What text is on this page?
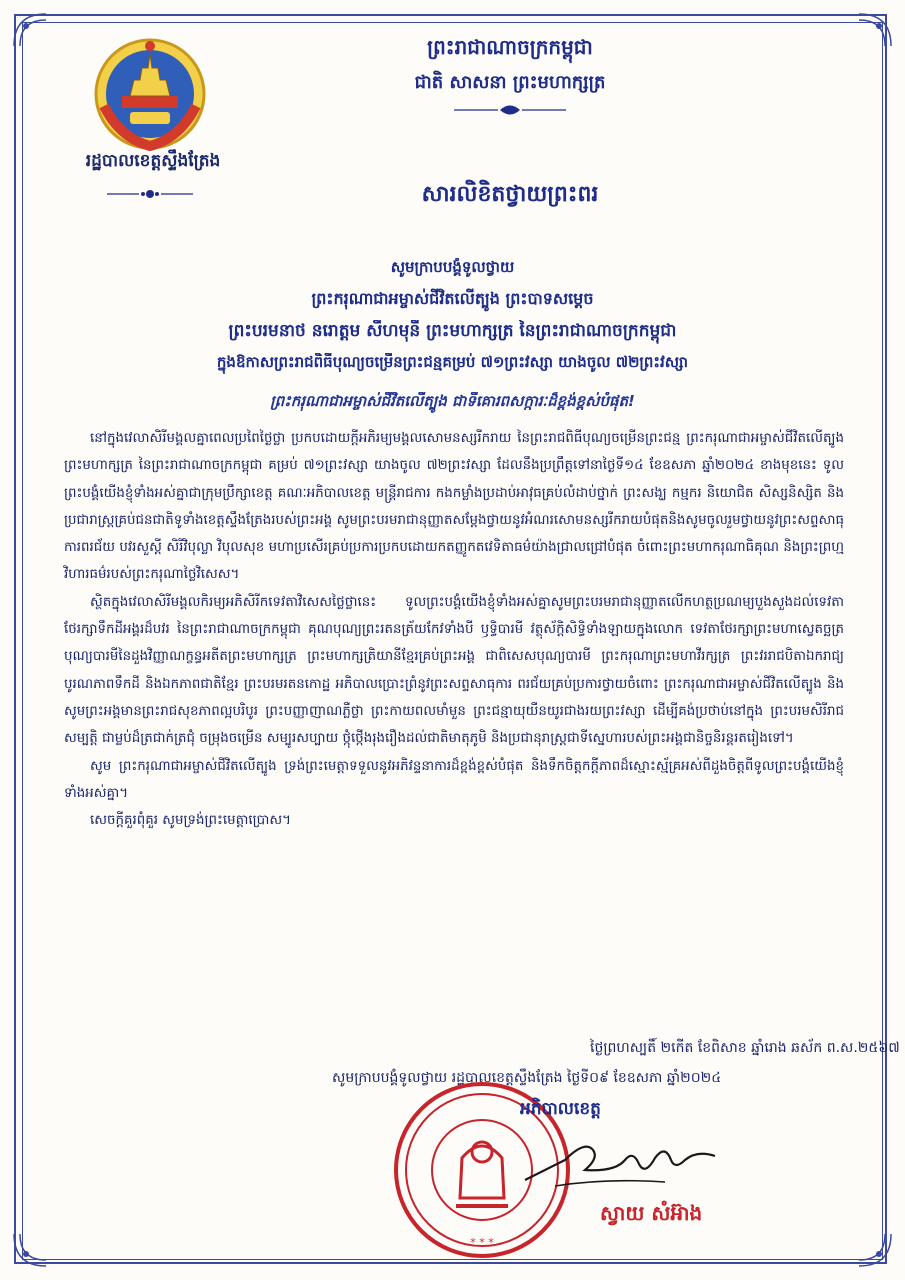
រដ្ឋបាលខេត្តស្ទឹងត្រែង
ព្រះរាជាណាចក្រកម្ពុជា
ជាតិ សាសនា ព្រះមហាក្សត្រ
សារលិខិតថ្វាយព្រះពរ
សូមក្រាបបង្គំទូលថ្វាយ
ព្រះករុណាជាអម្ចាស់ជីវិតលើត្បូង ព្រះបាទសម្តេច
ព្រះបរមនាថ នរោត្តម សីហមុនី ព្រះមហាក្សត្រ នៃព្រះរាជាណាចក្រកម្ពុជា
ក្នុងឱកាសព្រះរាជពិធីបុណ្យចម្រើនព្រះជន្មគម្រប់ ៧១ព្រះវស្សា យាងចូល ៧២ព្រះវស្សា
ព្រះករុណាជាអម្ចាស់ជីវិតលើត្បូង ជាទីគោរពសក្ការៈដ៏ខ្ពង់ខ្ពស់បំផុត!

នៅក្នុងវេលាសិរីមង្គលគ្នាពេលប្រពៃថ្ងៃថ្លា ប្រកបដោយក្តីអភិរម្យមង្គលសោមនស្សរីករាយ នៃព្រះរាជពិធីបុណ្យចម្រើនព្រះជន្ម ព្រះករុណាជាអម្ចាស់ជីវិតលើត្បូង ព្រះមហាក្សត្រ នៃព្រះរាជាណាចក្រកម្ពុជា គម្រប់ ៧១ព្រះវស្សា យាងចូល ៧២ព្រះវស្សា ដែលនឹងប្រព្រឹត្តទៅនាថ្ងៃទី១៤ ខែឧសភា ឆ្នាំ២០២៤ ខាងមុខនេះ ទូលព្រះបង្គំយើងខ្ញុំទាំងអស់គ្នាជាក្រុមប្រឹក្សាខេត្ត គណៈអភិបាលខេត្ត មន្ត្រីរាជការ កងកម្លាំងប្រដាប់អាវុធគ្រប់លំដាប់ថ្នាក់ ព្រះសង្ឃ កម្មករ និយោជិត សិស្សនិស្សិត និងប្រជារាស្ត្រគ្រប់ជនជាតិទូទាំងខេត្តស្ទឹងត្រែងរបស់ព្រះអង្គ សូមព្រះបរមរាជានុញ្ញាតសម្តែងថ្វាយនូវអំណរសោមនស្សរីករាយបំផុតនិងសូមចូលរួមថ្វាយនូវព្រះសព្ទសាធុការពរជ័យ បវរសួស្តី សិរីវិបុល្លា វិបុលសុខ មហាប្រសើរគ្រប់ប្រការប្រកបដោយកតញ្ញូកតវេទិតាធម៌យ៉ាងជ្រាលជ្រៅបំផុត ចំពោះព្រះមហាករុណាធិគុណ និងព្រះព្រហ្មវិហារធម៌របស់ព្រះករុណាថ្លៃវិសេស។

ស្ថិតក្នុងវេលាសិរីមង្គលកិរម្យអភិសិរីកទេវតាវិសេសថ្លៃថ្លានេះ ទូលព្រះបង្គំយើងខ្ញុំទាំងអស់គ្នាសូមព្រះបរមរាជានុញ្ញាតលើកហត្ថប្រណម្យបួងសួងដល់ទេវតាថែរក្សាទឹកដីអង្គរដ៏បវរ នៃព្រះរាជាណាចក្រកម្ពុជា គុណបុណ្យព្រះរតនត្រ័យកែវទាំងបី ឫទ្ធិបារមី វត្ថុស័ក្តិសិទ្ធិទាំងឡាយក្នុងលោក ទេវតាថែរក្សាព្រះមហាស្វេតច្ឆត្រ បុណ្យបារមីនៃដួងវិញ្ញាណក្ខន្ធអតីតព្រះមហាក្សត្រ ព្រះមហាក្សត្រិយានីខ្មែរគ្រប់ព្រះអង្គ ជាពិសេសបុណ្យបារមី ព្រះករុណាព្រះមហាវីរក្សត្រ ព្រះវររាជបិតាឯករាជ្យ បូរណភាពទឹកដី និងឯកភាពជាតិខ្មែរ ព្រះបរមរតនកោដ្ឋ អភិបាលប្រោះព្រំនូវព្រះសព្ទសាធុការ ពរជ័យគ្រប់ប្រការថ្វាយចំពោះ ព្រះករុណាជាអម្ចាស់ជីវិតលើត្បូង និងសូមព្រះអង្គមានព្រះរាជសុខភាពល្អបរិបូរ ព្រះបញ្ញាញាណភ្លឺថ្លា ព្រះកាយពលមាំមួន ព្រះជន្មាយុយឺនយូរជាងរយព្រះវស្សា ដើម្បីគង់ប្រថាប់នៅក្នុង ព្រះបរមសិរីរាជសម្បត្តិ ជាម្លប់ដ៏ត្រជាក់ត្រជុំ ចម្រុងចម្រើន សម្បូរសប្បាយ ថ្កុំថ្កើងរុងរឿងដល់ជាតិមាតុភូមិ និងប្រជានុរាស្ត្រជាទីស្នេហារបស់ព្រះអង្គជានិច្ចនិរន្តរតរៀងទៅ។

សូម ព្រះករុណាជាអម្ចាស់ជីវិតលើត្បូង ទ្រង់ព្រះមេត្តាទទួលនូវអភិវន្ទនាការដ៏ខ្ពង់ខ្ពស់បំផុត និងទឹកចិត្តកក្តីភាពដ៏ស្មោះស្ម័គ្រអស់ពីដួងចិត្តពីទូលព្រះបង្គំយើងខ្ញុំទាំងអស់គ្នា។

សេចក្តីគួរពុំគួរ សូមទ្រង់ព្រះមេត្តាប្រោស។

ថ្ងៃព្រហស្បតិ៍ ២កើត ខែពិសាខ ឆ្នាំរោង ឆស័ក ព.ស.២៥៦៧
សូមក្រាបបង្គំទូលថ្វាយ រដ្ឋបាលខេត្តស្ទឹងត្រែង ថ្ងៃទី០៩ ខែឧសភា ឆ្នាំ២០២៤
* * *
អភិបាលខេត្ត
ស្វាយ សំអ៊ាង
